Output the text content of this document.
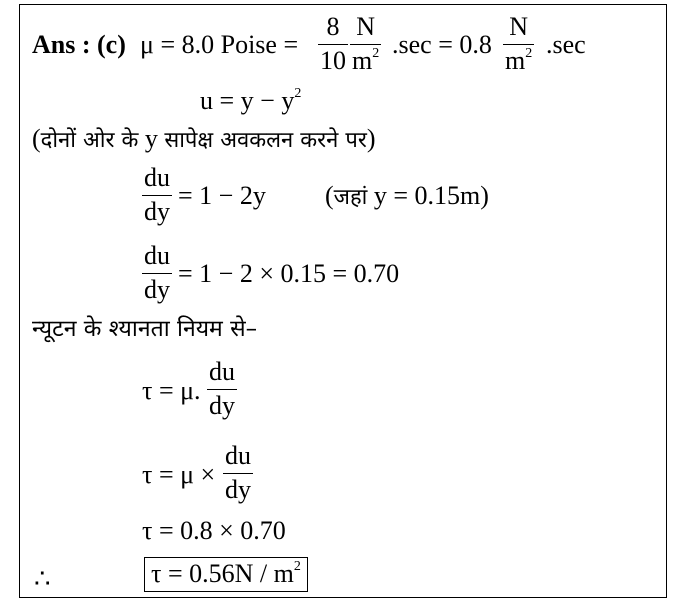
Ans : (c) μ = 8.0 Poise =
8
10
N
$m^2$ .sec = 0.8
N
$m^2$ .sec
$u = y - y^2$
(दोनों ओर के y सापेक्ष अवकलन करने पर)
du
dy
= 1 − 2y (जहां y = 0.15m)
du
dy
= 1 − 2 × 0.15 = 0.70
न्यूटन के श्यानता नियम से–
τ = μ.
du
dy
τ = μ ×
du
dy
τ = 0.8 × 0.70
∴	$\tau = 0.56N / m^2$
